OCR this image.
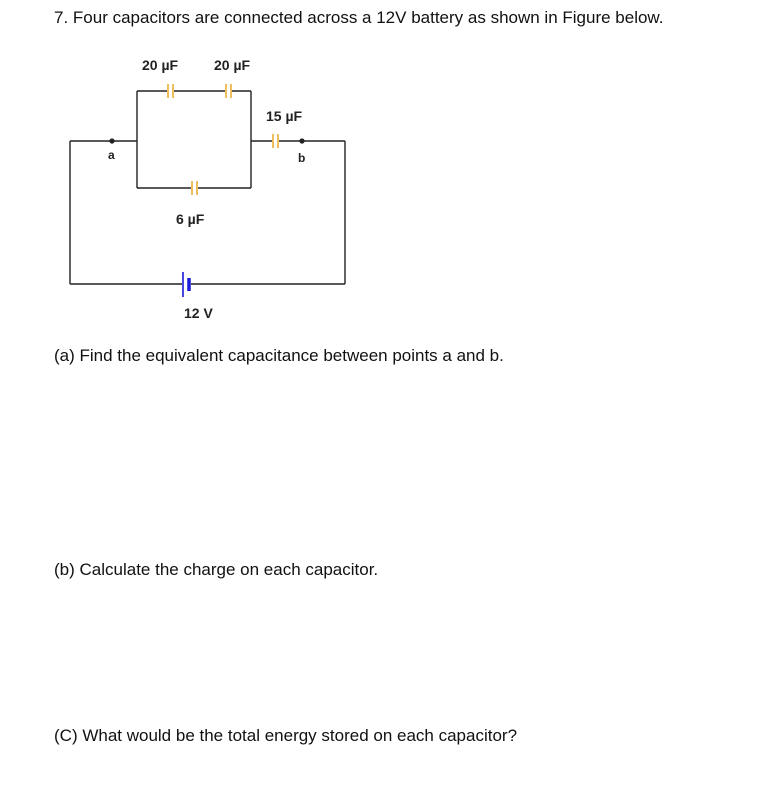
7. Four capacitors are connected across a 12V battery as shown in Figure below.

20 µF	20 µF
15 µF
6 µF
12 V
a	b

(a) Find the equivalent capacitance between points a and b.

(b) Calculate the charge on each capacitor.

(C) What would be the total energy stored on each capacitor?
